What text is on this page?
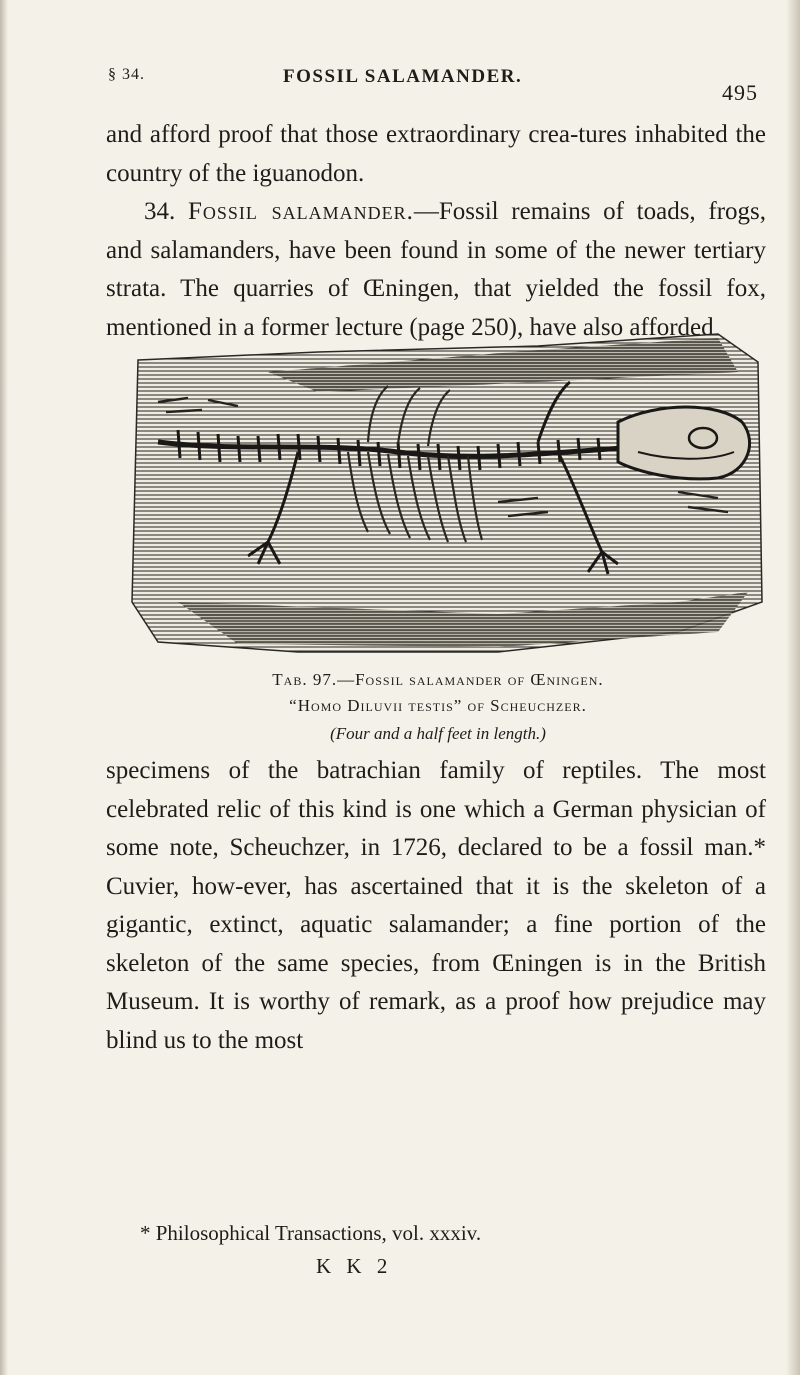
§ 34.	FOSSIL SALAMANDER.
495

and afford proof that those extraordinary crea-tures inhabited the country of the iguanodon.

34. Fossil salamander.—Fossil remains of toads, frogs, and salamanders, have been found in some of the newer tertiary strata. The quarries of Œningen, that yielded the fossil fox, mentioned in a former lecture (page 250), have also afforded

Tab. 97.—Fossil salamander of Œningen.

“Homo Diluvii testis” of Scheuchzer.

(Four and a half feet in length.)

specimens of the batrachian family of reptiles. The most celebrated relic of this kind is one which a German physician of some note, Scheuchzer, in 1726, declared to be a fossil man.* Cuvier, how-ever, has ascertained that it is the skeleton of a gigantic, extinct, aquatic salamander; a fine portion of the skeleton of the same species, from Œningen is in the British Museum. It is worthy of remark, as a proof how prejudice may blind us to the most

* Philosophical Transactions, vol. xxxiv.
K K 2
